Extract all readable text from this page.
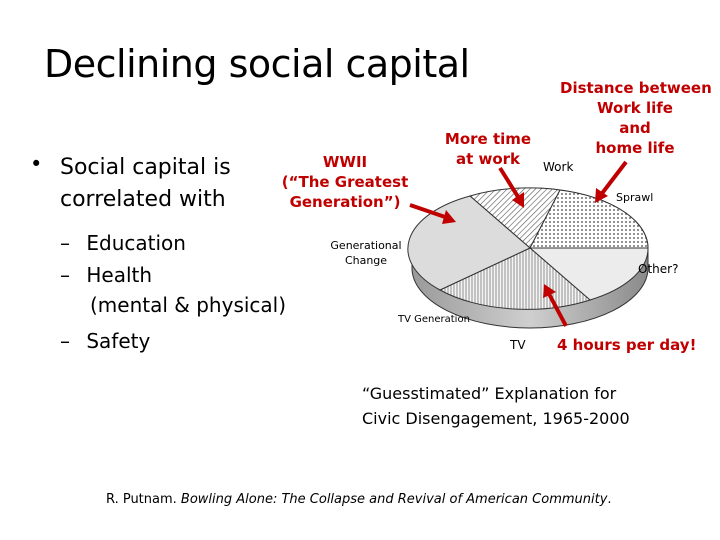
Declining social capital
• Social capital is
correlated with
– Education
– Health
(mental & physical)
– Safety
WWII
(“The Greatest
Generation”)
More time
at work
Distance between
Work life
and
home life
Work
Sprawl
Generational
Change
Other?
TV Generation
TV 4 hours per day!
“Guesstimated” Explanation for
Civic Disengagement, 1965-2000
R. Putnam. Bowling Alone: The Collapse and Revival of American Community.
